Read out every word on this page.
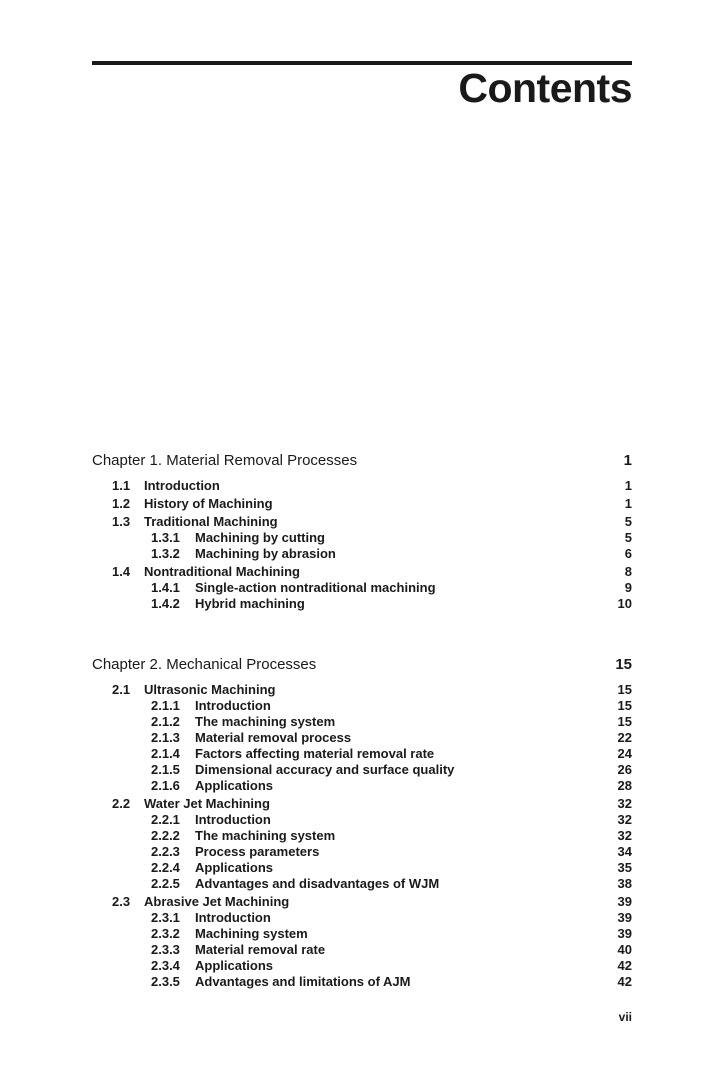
Contents
Chapter 1. Material Removal Processes	1
1.1	Introduction	1
1.2	History of Machining	1
1.3	Traditional Machining	5
1.3.1	Machining by cutting	5
1.3.2	Machining by abrasion	6
1.4	Nontraditional Machining	8
1.4.1	Single-action nontraditional machining	9
1.4.2	Hybrid machining	10
Chapter 2. Mechanical Processes	15
2.1	Ultrasonic Machining	15
2.1.1	Introduction	15
2.1.2	The machining system	15
2.1.3	Material removal process	22
2.1.4	Factors affecting material removal rate	24
2.1.5	Dimensional accuracy and surface quality	26
2.1.6	Applications	28
2.2	Water Jet Machining	32
2.2.1	Introduction	32
2.2.2	The machining system	32
2.2.3	Process parameters	34
2.2.4	Applications	35
2.2.5	Advantages and disadvantages of WJM	38
2.3	Abrasive Jet Machining	39
2.3.1	Introduction	39
2.3.2	Machining system	39
2.3.3	Material removal rate	40
2.3.4	Applications	42
2.3.5	Advantages and limitations of AJM	42
vii
